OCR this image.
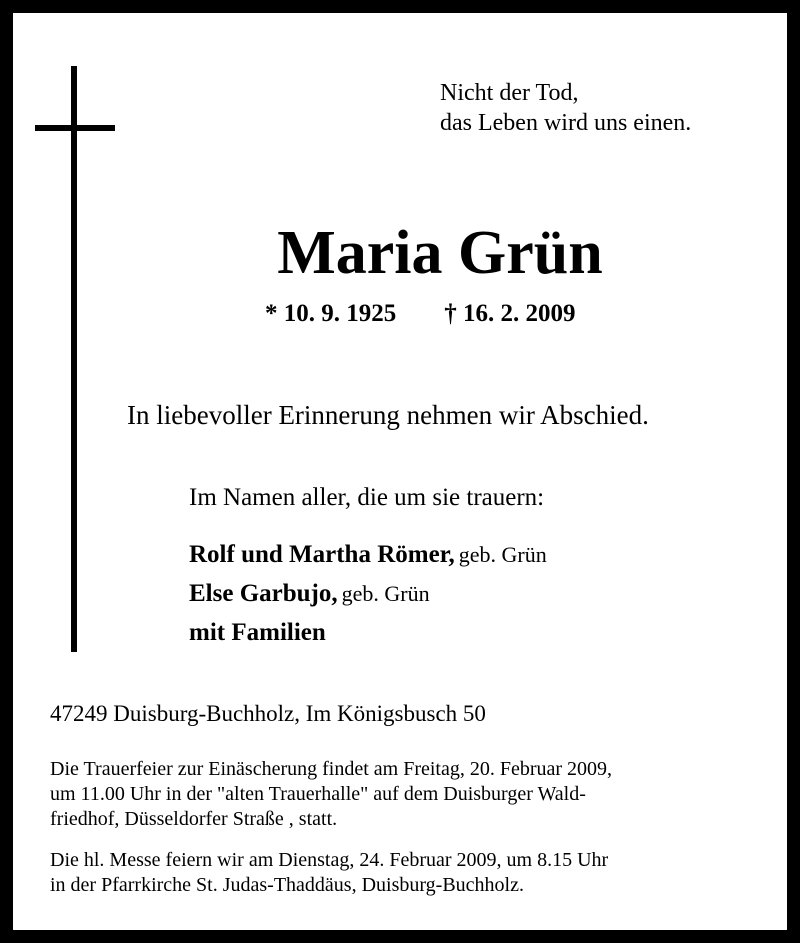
Nicht der Tod,
das Leben wird uns einen.
Maria Grün
* 10. 9. 1925 † 16. 2. 2009
In liebevoller Erinnerung nehmen wir Abschied.
Im Namen aller, die um sie trauern:
Rolf und Martha Römer, geb. Grün
Else Garbujo, geb. Grün
mit Familien
47249 Duisburg-Buchholz, Im Königsbusch 50
Die Trauerfeier zur Einäscherung findet am Freitag, 20. Februar 2009,
um 11.00 Uhr in der "alten Trauerhalle" auf dem Duisburger Wald-
friedhof, Düsseldorfer Straße , statt.
Die hl. Messe feiern wir am Dienstag, 24. Februar 2009, um 8.15 Uhr
in der Pfarrkirche St. Judas-Thaddäus, Duisburg-Buchholz.
